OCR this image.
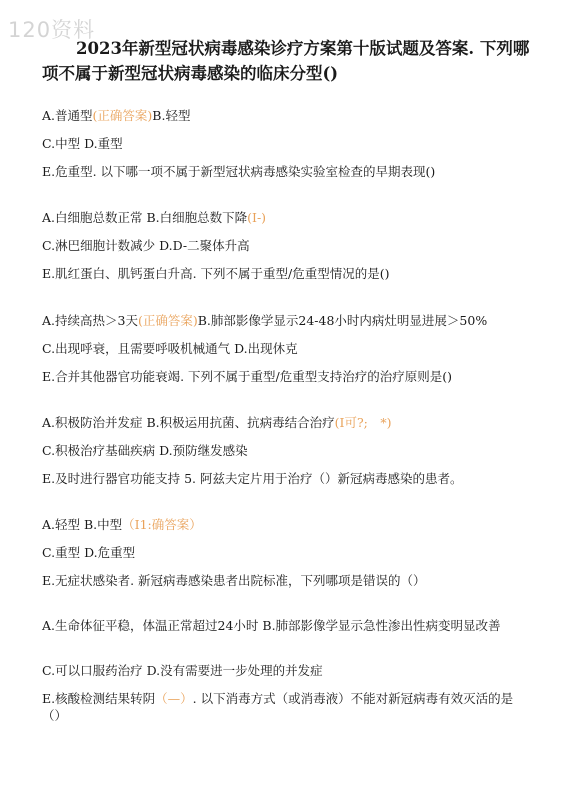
120资料
2023年新型冠状病毒感染诊疗方案第十版试题及答案. 下列哪项不属于新型冠状病毒感染的临床分型()

A.普通型(正确答案)B.轻型

C.中型 D.重型

E.危重型. 以下哪一项不属于新型冠状病毒感染实验室检查的早期表现()

A.白细胞总数正常 B.白细胞总数下降(I-)

C.淋巴细胞计数减少 D.D-二聚体升高

E.肌红蛋白、肌钙蛋白升高. 下列不属于重型/危重型情况的是()

A.持续高热＞3天(正确答案)B.肺部影像学显示24-48小时内病灶明显进展＞50%

C.出现呼衰，且需要呼吸机械通气 D.出现休克

E.合并其他器官功能衰竭. 下列不属于重型/危重型支持治疗的治疗原则是()

A.积极防治并发症 B.积极运用抗菌、抗病毒结合治疗(I可?;　*)

C.积极治疗基础疾病 D.预防继发感染

E.及时进行器官功能支持 5. 阿兹夫定片用于治疗（）新冠病毒感染的患者。

A.轻型 B.中型（I1:确答案）

C.重型 D.危重型

E.无症状感染者. 新冠病毒感染患者出院标准，下列哪项是错误的（）

A.生命体征平稳，体温正常超过24小时 B.肺部影像学显示急性渗出性病变明显改善

C.可以口服药治疗 D.没有需要进一步处理的并发症

E.核酸检测结果转阴（—）. 以下消毒方式（或消毒液）不能对新冠病毒有效灭活的是（）
